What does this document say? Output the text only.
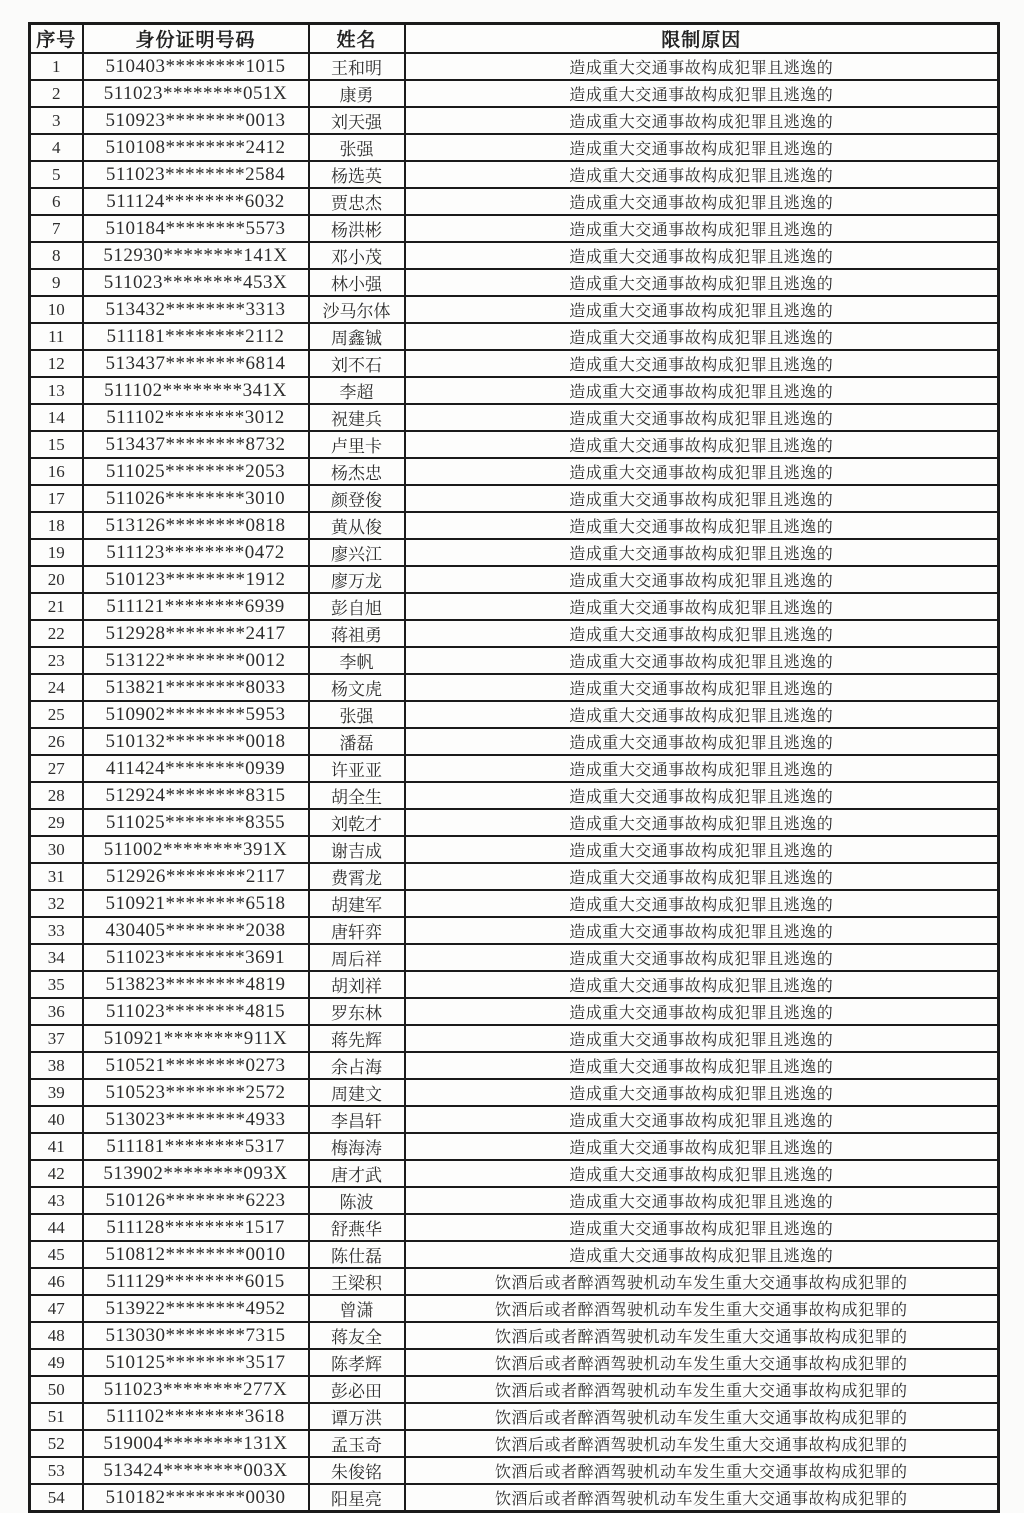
序号	身份证明号码	姓名	限制原因
1	510403********1015	王和明	造成重大交通事故构成犯罪且逃逸的
2	511023********051X	康勇	造成重大交通事故构成犯罪且逃逸的
3	510923********0013	刘天强	造成重大交通事故构成犯罪且逃逸的
4	510108********2412	张强	造成重大交通事故构成犯罪且逃逸的
5	511023********2584	杨选英	造成重大交通事故构成犯罪且逃逸的
6	511124********6032	贾忠杰	造成重大交通事故构成犯罪且逃逸的
7	510184********5573	杨洪彬	造成重大交通事故构成犯罪且逃逸的
8	512930********141X	邓小茂	造成重大交通事故构成犯罪且逃逸的
9	511023********453X	林小强	造成重大交通事故构成犯罪且逃逸的
10	513432********3313	沙马尔体	造成重大交通事故构成犯罪且逃逸的
11	511181********2112	周鑫铖	造成重大交通事故构成犯罪且逃逸的
12	513437********6814	刘不石	造成重大交通事故构成犯罪且逃逸的
13	511102********341X	李超	造成重大交通事故构成犯罪且逃逸的
14	511102********3012	祝建兵	造成重大交通事故构成犯罪且逃逸的
15	513437********8732	卢里卡	造成重大交通事故构成犯罪且逃逸的
16	511025********2053	杨杰忠	造成重大交通事故构成犯罪且逃逸的
17	511026********3010	颜登俊	造成重大交通事故构成犯罪且逃逸的
18	513126********0818	黄从俊	造成重大交通事故构成犯罪且逃逸的
19	511123********0472	廖兴江	造成重大交通事故构成犯罪且逃逸的
20	510123********1912	廖万龙	造成重大交通事故构成犯罪且逃逸的
21	511121********6939	彭自旭	造成重大交通事故构成犯罪且逃逸的
22	512928********2417	蒋祖勇	造成重大交通事故构成犯罪且逃逸的
23	513122********0012	李帆	造成重大交通事故构成犯罪且逃逸的
24	513821********8033	杨文虎	造成重大交通事故构成犯罪且逃逸的
25	510902********5953	张强	造成重大交通事故构成犯罪且逃逸的
26	510132********0018	潘磊	造成重大交通事故构成犯罪且逃逸的
27	411424********0939	许亚亚	造成重大交通事故构成犯罪且逃逸的
28	512924********8315	胡全生	造成重大交通事故构成犯罪且逃逸的
29	511025********8355	刘乾才	造成重大交通事故构成犯罪且逃逸的
30	511002********391X	谢吉成	造成重大交通事故构成犯罪且逃逸的
31	512926********2117	费霄龙	造成重大交通事故构成犯罪且逃逸的
32	510921********6518	胡建军	造成重大交通事故构成犯罪且逃逸的
33	430405********2038	唐轩弈	造成重大交通事故构成犯罪且逃逸的
34	511023********3691	周后祥	造成重大交通事故构成犯罪且逃逸的
35	513823********4819	胡刘祥	造成重大交通事故构成犯罪且逃逸的
36	511023********4815	罗东林	造成重大交通事故构成犯罪且逃逸的
37	510921********911X	蒋先辉	造成重大交通事故构成犯罪且逃逸的
38	510521********0273	余占海	造成重大交通事故构成犯罪且逃逸的
39	510523********2572	周建文	造成重大交通事故构成犯罪且逃逸的
40	513023********4933	李昌轩	造成重大交通事故构成犯罪且逃逸的
41	511181********5317	梅海涛	造成重大交通事故构成犯罪且逃逸的
42	513902********093X	唐才武	造成重大交通事故构成犯罪且逃逸的
43	510126********6223	陈波	造成重大交通事故构成犯罪且逃逸的
44	511128********1517	舒燕华	造成重大交通事故构成犯罪且逃逸的
45	510812********0010	陈仕磊	造成重大交通事故构成犯罪且逃逸的
46	511129********6015	王梁积	饮酒后或者醉酒驾驶机动车发生重大交通事故构成犯罪的
47	513922********4952	曾潇	饮酒后或者醉酒驾驶机动车发生重大交通事故构成犯罪的
48	513030********7315	蒋友全	饮酒后或者醉酒驾驶机动车发生重大交通事故构成犯罪的
49	510125********3517	陈孝辉	饮酒后或者醉酒驾驶机动车发生重大交通事故构成犯罪的
50	511023********277X	彭必田	饮酒后或者醉酒驾驶机动车发生重大交通事故构成犯罪的
51	511102********3618	谭万洪	饮酒后或者醉酒驾驶机动车发生重大交通事故构成犯罪的
52	519004********131X	孟玉奇	饮酒后或者醉酒驾驶机动车发生重大交通事故构成犯罪的
53	513424********003X	朱俊铭	饮酒后或者醉酒驾驶机动车发生重大交通事故构成犯罪的
54	510182********0030	阳星亮	饮酒后或者醉酒驾驶机动车发生重大交通事故构成犯罪的
